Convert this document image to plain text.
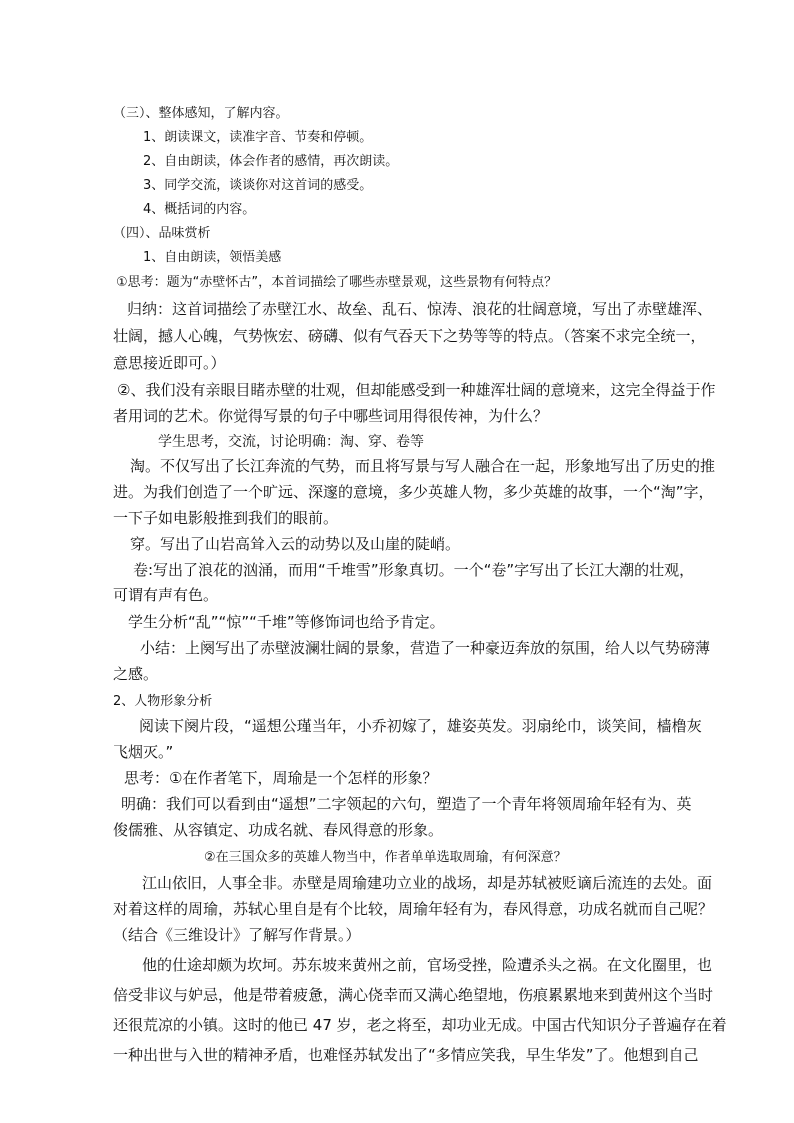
（三）、整体感知，了解内容。

1、朗读课文，读准字音、节奏和停顿。

2、自由朗读，体会作者的感情，再次朗读。

3、同学交流，谈谈你对这首词的感受。

4、概括词的内容。

（四）、品味赏析

1、自由朗读，领悟美感

①思考：题为“赤壁怀古”，本首词描绘了哪些赤壁景观，这些景物有何特点？

归纳：这首词描绘了赤壁江水、故垒、乱石、惊涛、浪花的壮阔意境，写出了赤壁雄浑、

壮阔，撼人心魄，气势恢宏、磅礴、似有气吞天下之势等等的特点。（答案不求完全统一，

意思接近即可。）

②、我们没有亲眼目睹赤壁的壮观，但却能感受到一种雄浑壮阔的意境来，这完全得益于作

者用词的艺术。你觉得写景的句子中哪些词用得很传神，为什么？

学生思考，交流，讨论明确：淘、穿、卷等

淘。不仅写出了长江奔流的气势，而且将写景与写人融合在一起，形象地写出了历史的推

进。为我们创造了一个旷远、深邃的意境，多少英雄人物，多少英雄的故事，一个“淘”字，

一下子如电影般推到我们的眼前。

穿。写出了山岩高耸入云的动势以及山崖的陡峭。

卷:写出了浪花的汹涌，而用“千堆雪”形象真切。一个“卷”字写出了长江大潮的壮观，

可谓有声有色。

学生分析“乱”“惊”“千堆”等修饰词也给予肯定。

小结：上阕写出了赤壁波澜壮阔的景象，营造了一种豪迈奔放的氛围，给人以气势磅薄

之感。

2、人物形象分析

阅读下阕片段，“遥想公瑾当年，小乔初嫁了，雄姿英发。羽扇纶巾，谈笑间，樯橹灰

飞烟灭。”

思考：①在作者笔下，周瑜是一个怎样的形象？

明确：我们可以看到由“遥想”二字领起的六句，塑造了一个青年将领周瑜年轻有为、英

俊儒雅、从容镇定、功成名就、春风得意的形象。

②在三国众多的英雄人物当中，作者单单选取周瑜，有何深意？

江山依旧，人事全非。赤壁是周瑜建功立业的战场，却是苏轼被贬谪后流连的去处。面

对着这样的周瑜，苏轼心里自是有个比较，周瑜年轻有为，春风得意，功成名就而自己呢？

（结合《三维设计》了解写作背景。）

他的仕途却颇为坎坷。苏东坡来黄州之前，官场受挫，险遭杀头之祸。在文化圈里，也

倍受非议与妒忌，他是带着疲惫，满心侥幸而又满心绝望地，伤痕累累地来到黄州这个当时

还很荒凉的小镇。这时的他已 47 岁，老之将至，却功业无成。中国古代知识分子普遍存在着

一种出世与入世的精神矛盾，也难怪苏轼发出了“多情应笑我，早生华发”了。他想到自己
